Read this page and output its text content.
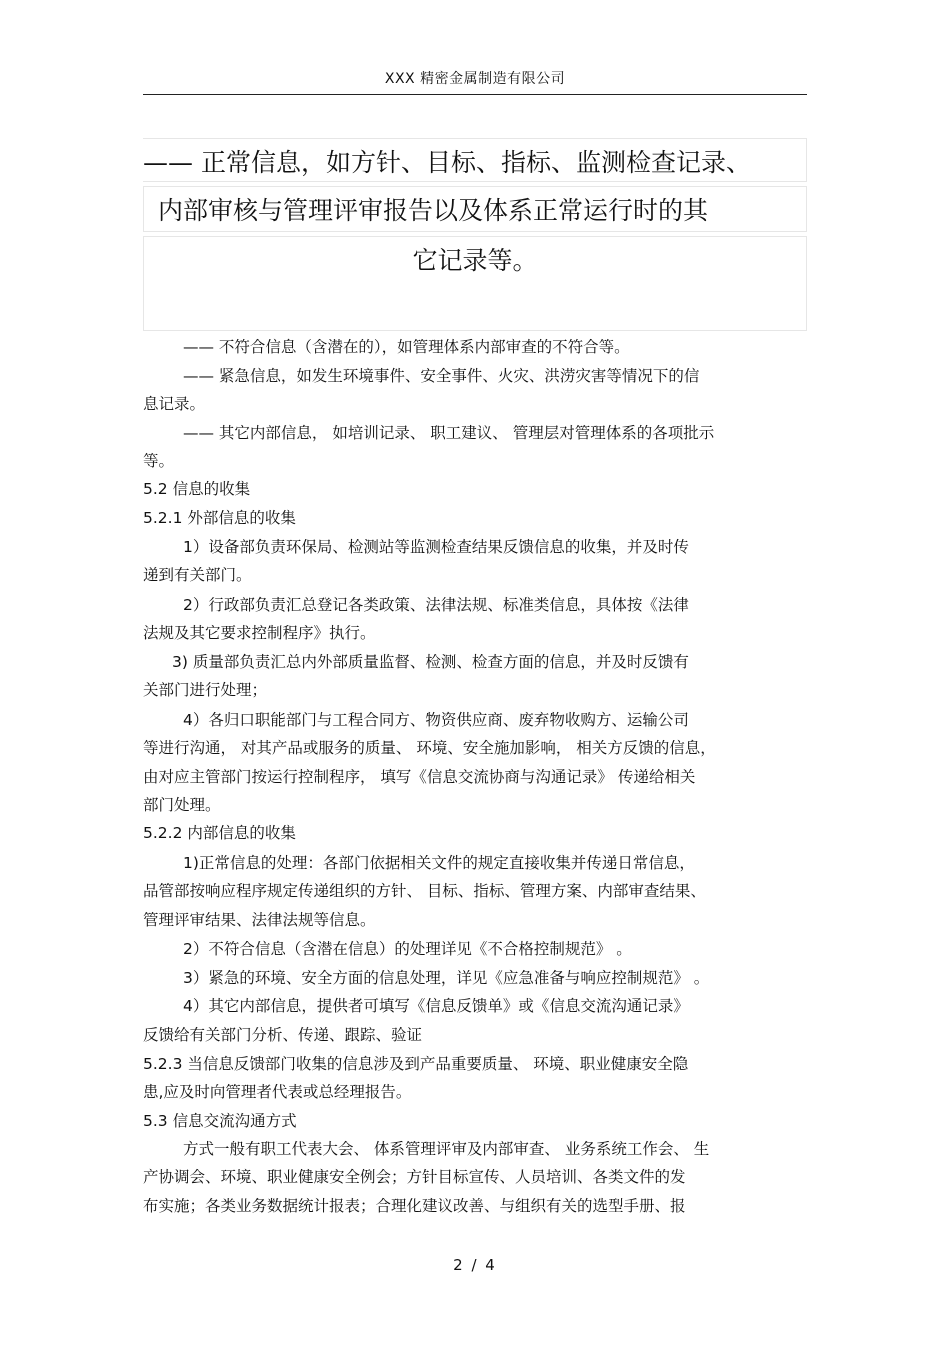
XXX 精密金属制造有限公司
—— 正常信息，如方针、目标、指标、监测检查记录、
内部审核与管理评审报告以及体系正常运行时的其
它记录等。
—— 不符合信息（含潜在的），如管理体系内部审查的不符合等。
—— 紧急信息，如发生环境事件、安全事件、火灾、洪涝灾害等情况下的信
息记录。
—— 其它内部信息， 如培训记录、 职工建议、 管理层对管理体系的各项批示
等。
5.2 信息的收集
5.2.1 外部信息的收集
1）设备部负责环保局、检测站等监测检查结果反馈信息的收集，并及时传
递到有关部门。
2）行政部负责汇总登记各类政策、法律法规、标准类信息，具体按《法律
法规及其它要求控制程序》执行。
3) 质量部负责汇总内外部质量监督、检测、检查方面的信息，并及时反馈有
关部门进行处理；
4）各归口职能部门与工程合同方、物资供应商、废弃物收购方、运输公司
等进行沟通， 对其产品或服务的质量、 环境、安全施加影响， 相关方反馈的信息，
由对应主管部门按运行控制程序， 填写《信息交流协商与沟通记录》 传递给相关
部门处理。
5.2.2 内部信息的收集
1)正常信息的处理：各部门依据相关文件的规定直接收集并传递日常信息，
品管部按响应程序规定传递组织的方针、 目标、指标、管理方案、内部审查结果、
管理评审结果、法律法规等信息。
2）不符合信息（含潜在信息）的处理详见《不合格控制规范》 。
3）紧急的环境、安全方面的信息处理，详见《应急准备与响应控制规范》 。
4）其它内部信息，提供者可填写《信息反馈单》或《信息交流沟通记录》
反馈给有关部门分析、传递、跟踪、验证
5.2.3 当信息反馈部门收集的信息涉及到产品重要质量、 环境、职业健康安全隐
患,应及时向管理者代表或总经理报告。
5.3 信息交流沟通方式
方式一般有职工代表大会、 体系管理评审及内部审查、 业务系统工作会、 生
产协调会、环境、职业健康安全例会；方针目标宣传、人员培训、各类文件的发
布实施；各类业务数据统计报表；合理化建议改善、与组织有关的选型手册、报
2 / 4
